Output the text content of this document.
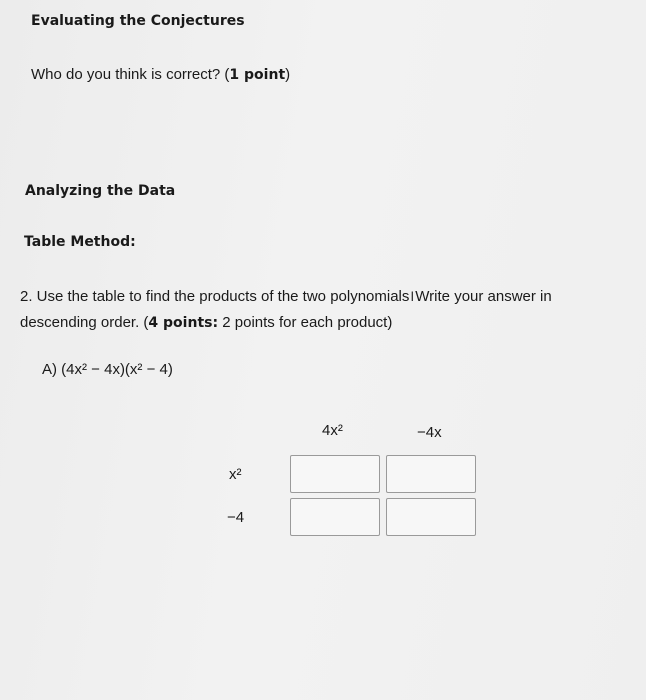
Evaluating the Conjectures
Who do you think is correct? (1 point)
Analyzing the Data
Table Method:
2. Use the table to find the products of the two polynomialsIWrite your answer in
descending order. (4 points: 2 points for each product)
A) (4x² − 4x)(x² − 4)
4x²	−4x
x²
−4
